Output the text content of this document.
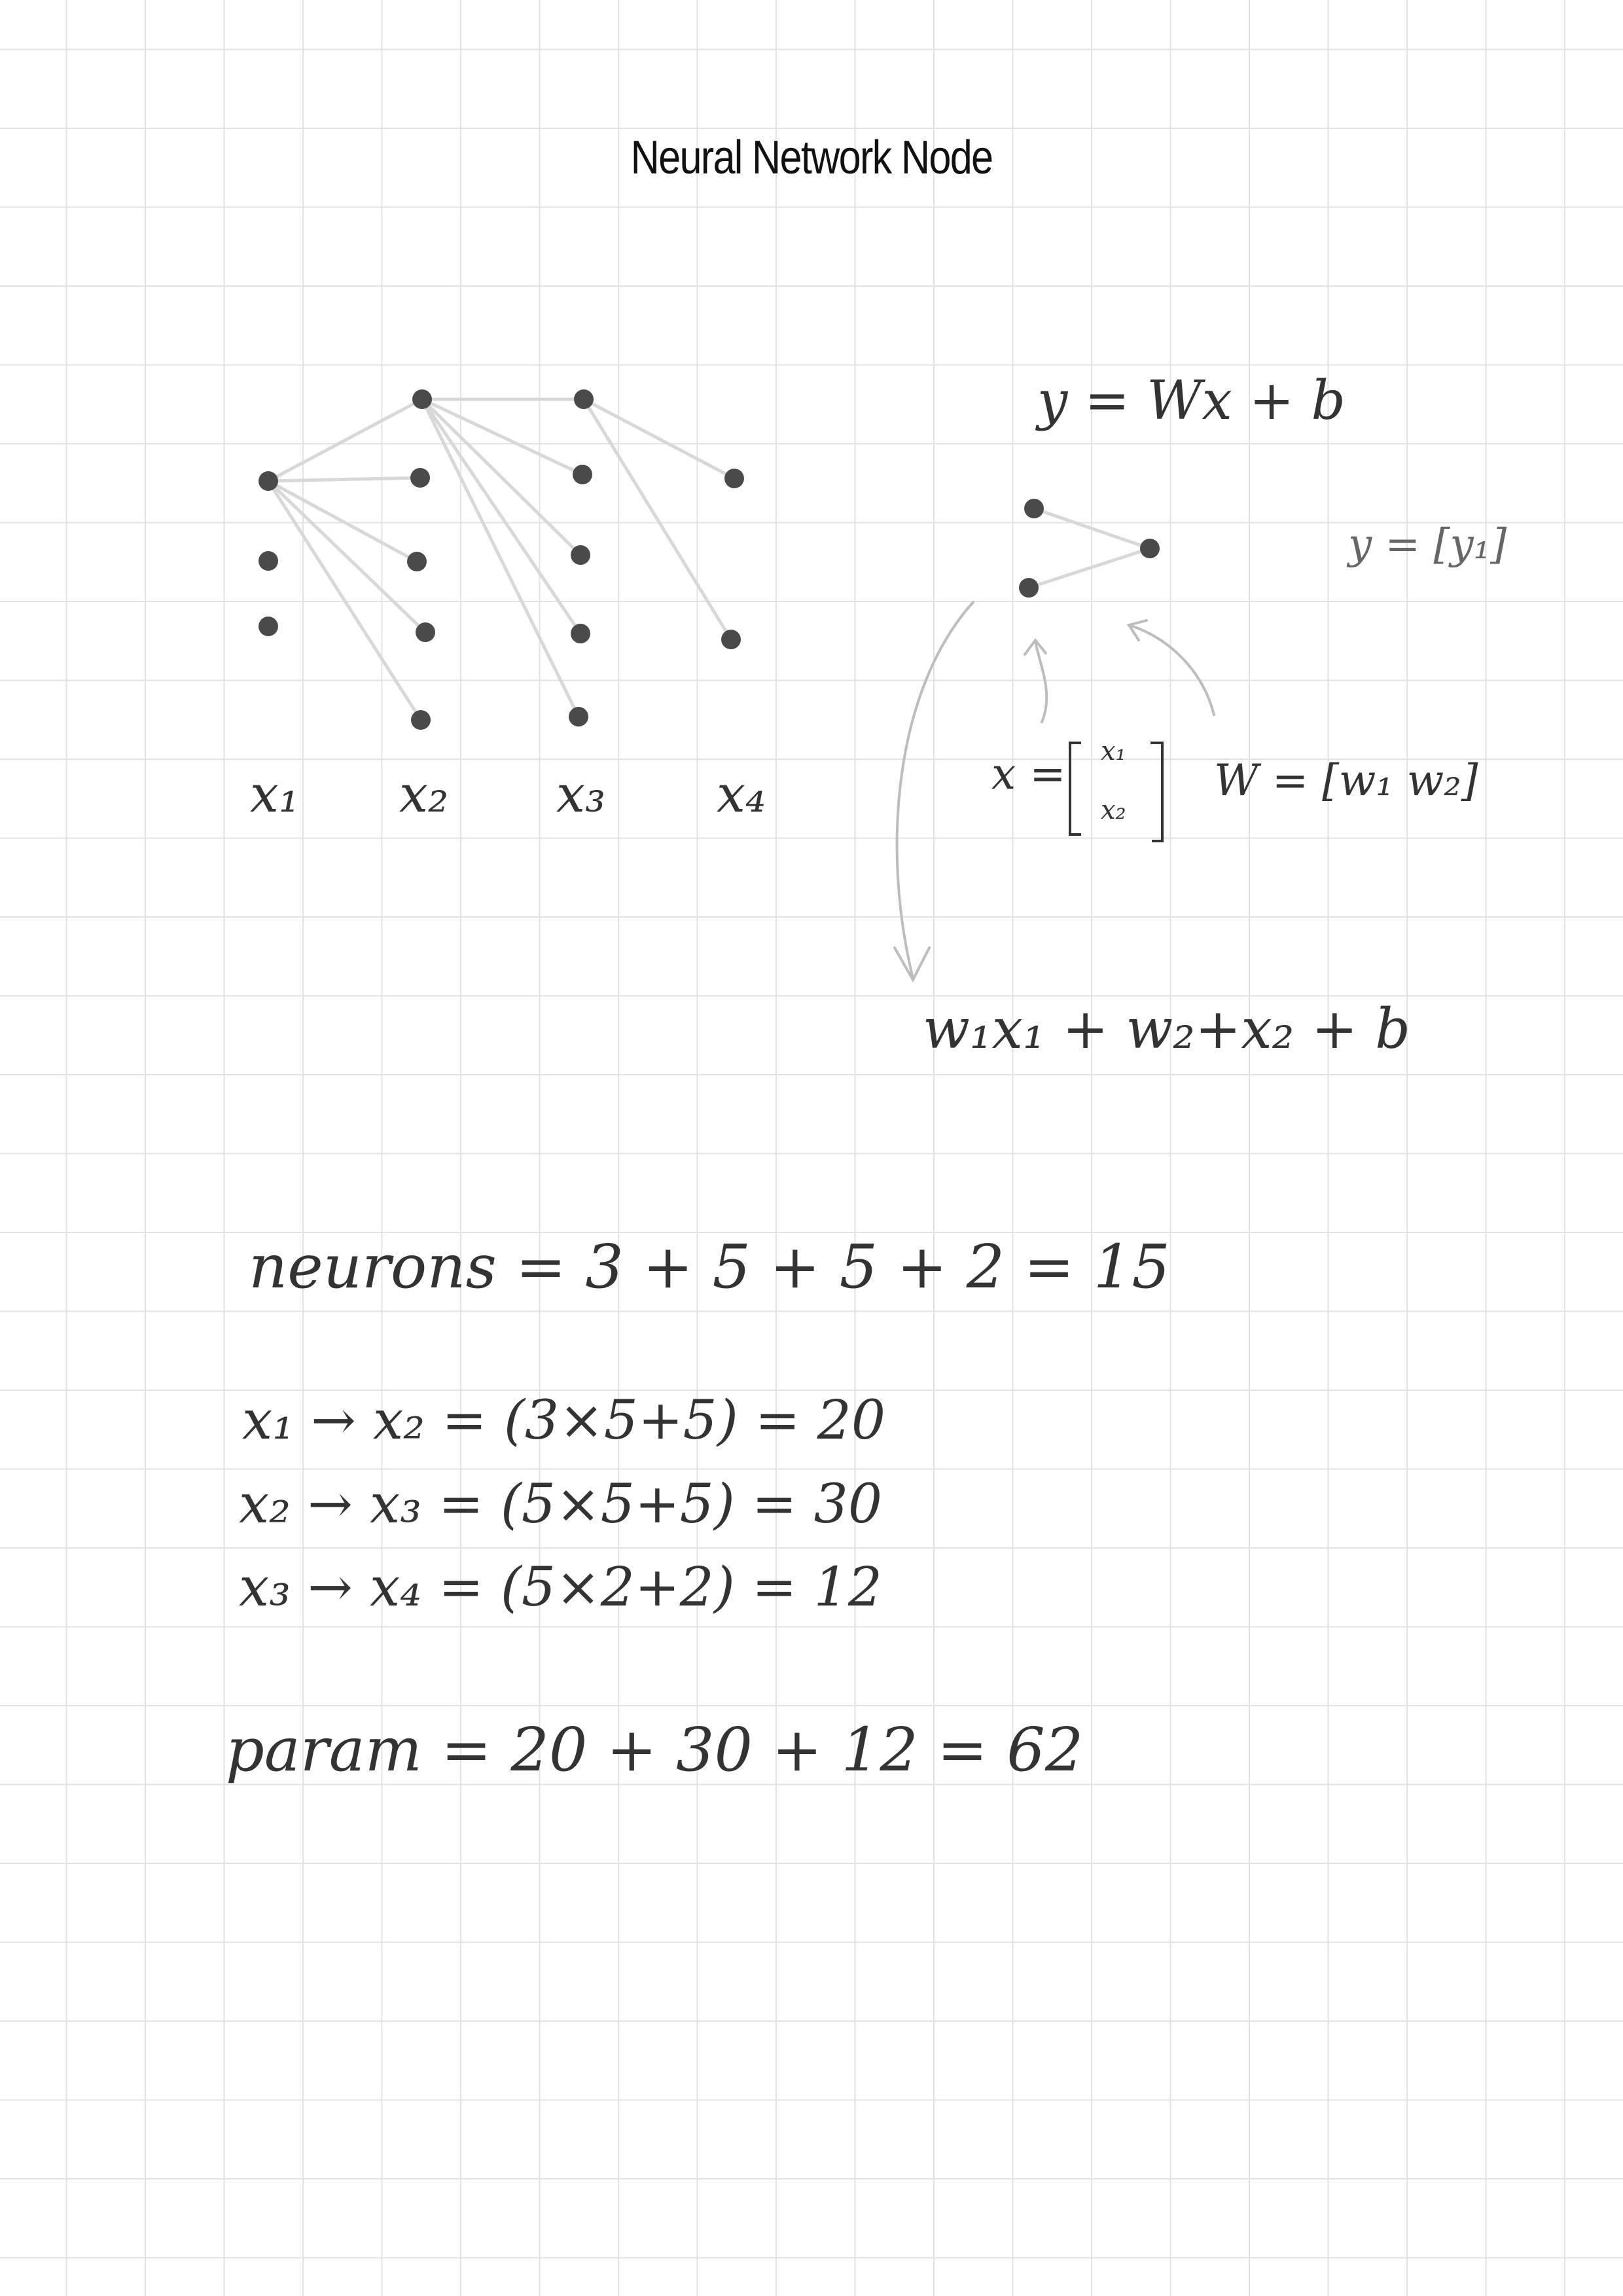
Neural Network Node
x₁ x₂ x₃ x₄
y = Wx + b
y = [y₁]
x = x₁
x₂
W = [w₁ w₂]
w₁x₁ + w₂+x₂ + b
neurons = 3 + 5 + 5 + 2 = 15
x₁ → x₂ = (3×5+5) = 20
x₂ → x₃ = (5×5+5) = 30
x₃ → x₄ = (5×2+2) = 12
param = 20 + 30 + 12 = 62
